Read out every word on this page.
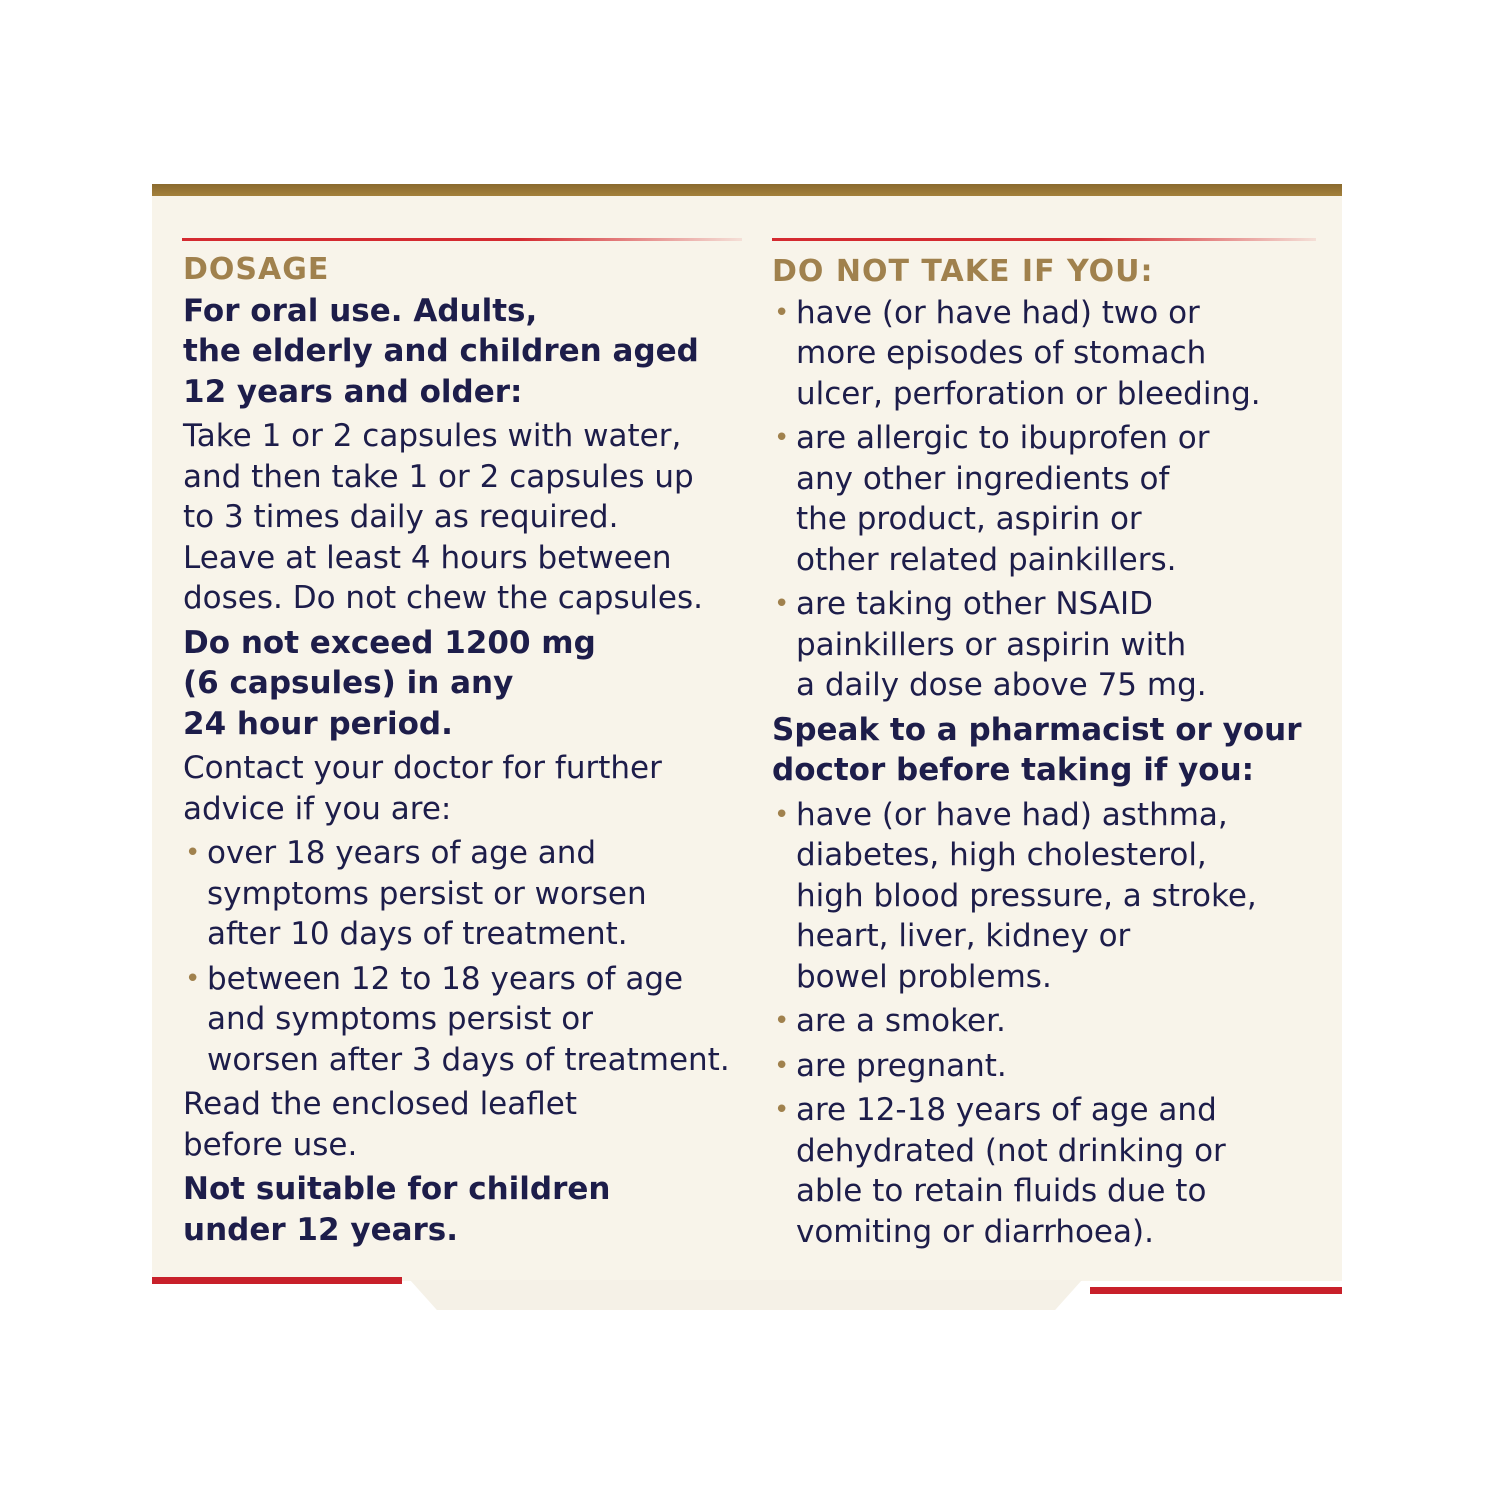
DOSAGE
For oral use. Adults,
the elderly and children aged
12 years and older:
Take 1 or 2 capsules with water,
and then take 1 or 2 capsules up
to 3 times daily as required.
Leave at least 4 hours between
doses. Do not chew the capsules.
Do not exceed 1200 mg
(6 capsules) in any
24 hour period.
Contact your doctor for further
advice if you are:
• over 18 years of age and
symptoms persist or worsen
after 10 days of treatment.
• between 12 to 18 years of age
and symptoms persist or
worsen after 3 days of treatment.
Read the enclosed leaflet
before use.
Not suitable for children
under 12 years.
DO NOT TAKE IF YOU:
• have (or have had) two or
more episodes of stomach
ulcer, perforation or bleeding.
• are allergic to ibuprofen or
any other ingredients of
the product, aspirin or
other related painkillers.
• are taking other NSAID
painkillers or aspirin with
a daily dose above 75 mg.
Speak to a pharmacist or your
doctor before taking if you:
• have (or have had) asthma,
diabetes, high cholesterol,
high blood pressure, a stroke,
heart, liver, kidney or
bowel problems.
• are a smoker.
• are pregnant.
• are 12-18 years of age and
dehydrated (not drinking or
able to retain fluids due to
vomiting or diarrhoea).
